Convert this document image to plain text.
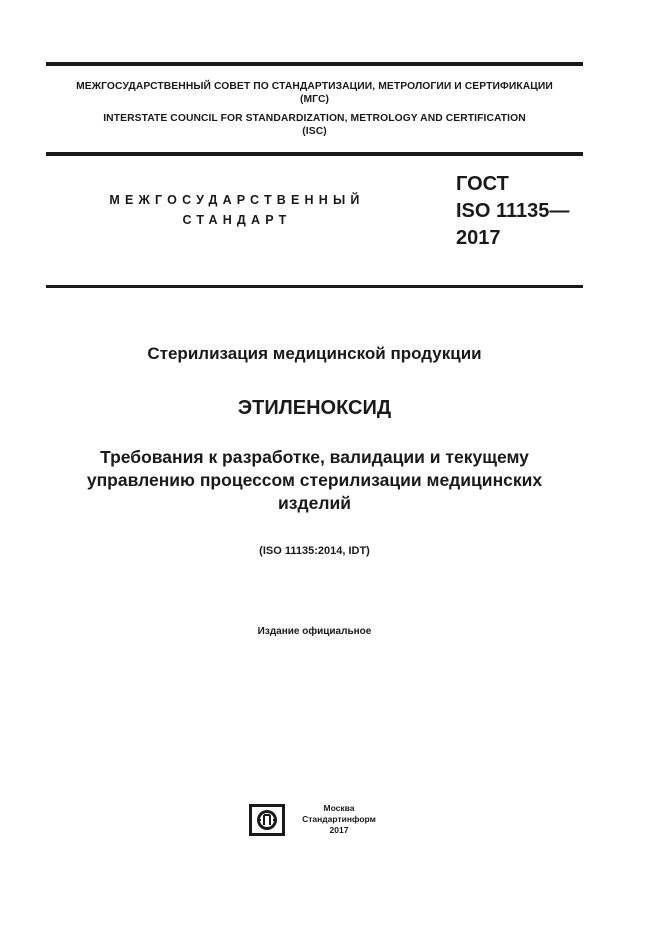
МЕЖГОСУДАРСТВЕННЫЙ СОВЕТ ПО СТАНДАРТИЗАЦИИ, МЕТРОЛОГИИ И СЕРТИФИКАЦИИ
(МГС)
INTERSTATE COUNCIL FOR STANDARDIZATION, METROLOGY AND CERTIFICATION
(ISC)
МЕЖГОСУДАРСТВЕННЫЙ
СТАНДАРТ
ГОСТ
ISO 11135—
2017
Стерилизация медицинской продукции
ЭТИЛЕНОКСИД
Требования к разработке, валидации и текущему управлению процессом стерилизации медицинских изделий
(ISO 11135:2014, IDT)
Издание официальное
Москва
Стандартинформ
2017
